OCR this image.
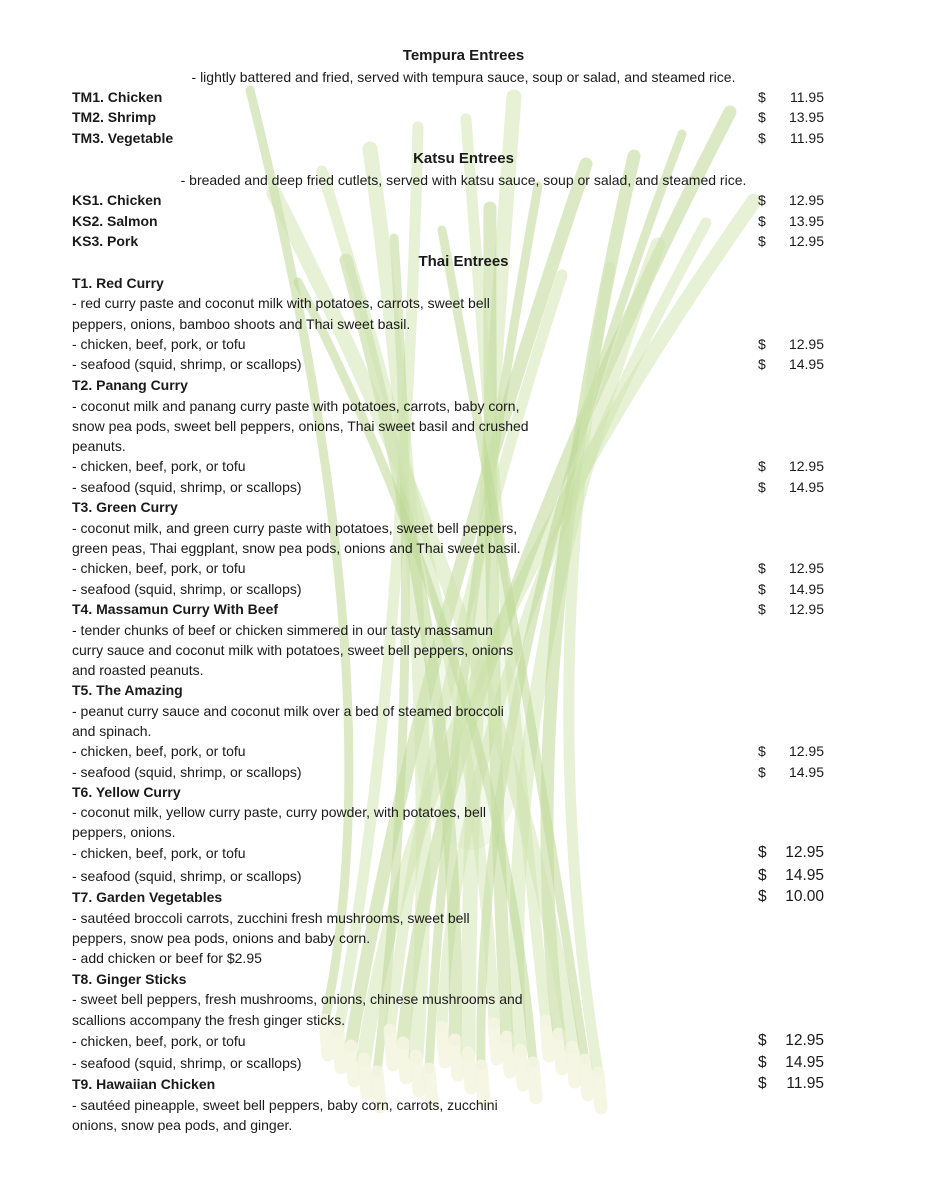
Tempura Entrees
- lightly battered and fried, served with tempura sauce, soup or salad, and steamed rice.
TM1. Chicken	$ 11.95
TM2. Shrimp	$ 13.95
TM3. Vegetable	$ 11.95
Katsu Entrees
- breaded and deep fried cutlets, served with katsu sauce, soup or salad, and steamed rice.
KS1. Chicken	$ 12.95
KS2. Salmon	$ 13.95
KS3. Pork	$ 12.95
Thai Entrees
T1. Red Curry
- red curry paste and coconut milk with potatoes, carrots, sweet bell
peppers, onions, bamboo shoots and Thai sweet basil.
- chicken, beef, pork, or tofu	$ 12.95
- seafood (squid, shrimp, or scallops)	$ 14.95
T2. Panang Curry
- coconut milk and panang curry paste with potatoes, carrots, baby corn,
snow pea pods, sweet bell peppers, onions, Thai sweet basil and crushed
peanuts.
- chicken, beef, pork, or tofu	$ 12.95
- seafood (squid, shrimp, or scallops)	$ 14.95
T3. Green Curry
- coconut milk, and green curry paste with potatoes, sweet bell peppers,
green peas, Thai eggplant, snow pea pods, onions and Thai sweet basil.
- chicken, beef, pork, or tofu	$ 12.95
- seafood (squid, shrimp, or scallops)	$ 14.95
T4. Massamun Curry With Beef	$ 12.95
- tender chunks of beef or chicken simmered in our tasty massamun
curry sauce and coconut milk with potatoes, sweet bell peppers, onions
and roasted peanuts.
T5. The Amazing
- peanut curry sauce and coconut milk over a bed of steamed broccoli
and spinach.
- chicken, beef, pork, or tofu	$ 12.95
- seafood (squid, shrimp, or scallops)	$ 14.95
T6. Yellow Curry
- coconut milk, yellow curry paste, curry powder, with potatoes, bell
peppers, onions.
- chicken, beef, pork, or tofu	$ 12.95
- seafood (squid, shrimp, or scallops)	$ 14.95
T7. Garden Vegetables	$ 10.00
- sautéed broccoli carrots, zucchini fresh mushrooms, sweet bell
peppers, snow pea pods, onions and baby corn.
- add chicken or beef for $2.95
T8. Ginger Sticks
- sweet bell peppers, fresh mushrooms, onions, chinese mushrooms and
scallions accompany the fresh ginger sticks.
- chicken, beef, pork, or tofu	$ 12.95
- seafood (squid, shrimp, or scallops)	$ 14.95
T9. Hawaiian Chicken	$ 11.95
- sautéed pineapple, sweet bell peppers, baby corn, carrots, zucchini
onions, snow pea pods, and ginger.
